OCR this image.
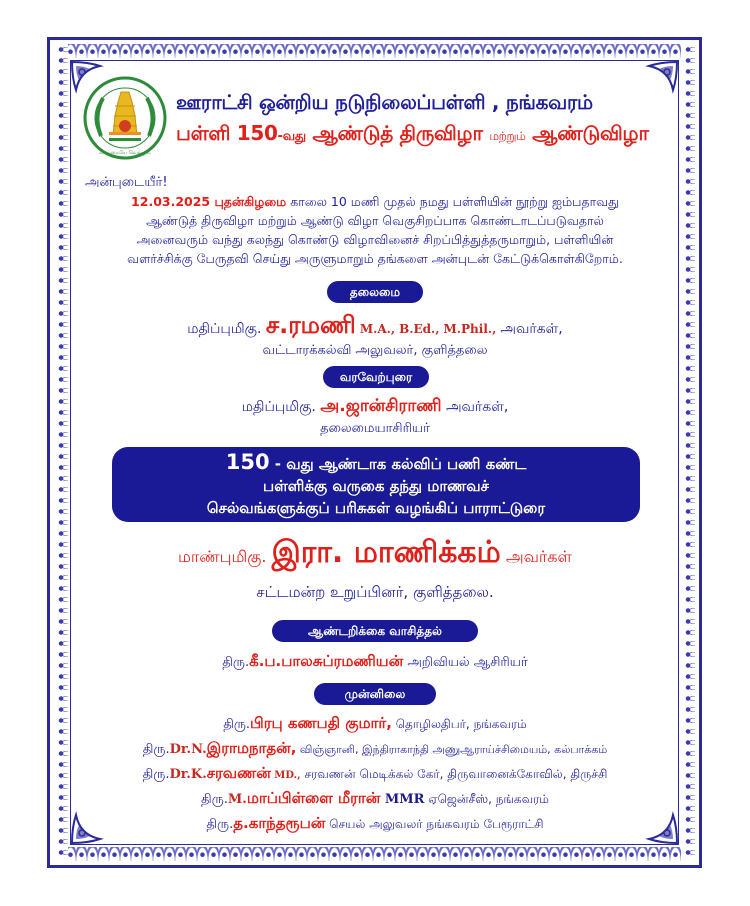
வாய்மையே வெல்லும்
ஊராட்சி ஒன்றிய நடுநிலைப்பள்ளி , நங்கவரம்
பள்ளி 150-வது ஆண்டுத் திருவிழா மற்றும் ஆண்டுவிழா
அன்புடையீர்!
12.03.2025 புதன்கிழமை காலை 10 மணி முதல் நமது பள்ளியின் நூற்று ஐம்பதாவது
ஆண்டுத் திருவிழா மற்றும் ஆண்டு விழா வெகுசிறப்பாக கொண்டாடப்படுவதால்
அனைவரும் வந்து கலந்து கொண்டு விழாவினைச் சிறப்பித்துத்தருமாறும், பள்ளியின்
வளர்ச்சிக்கு பேருதவி செய்து அருளுமாறும் தங்களை அன்புடன் கேட்டுக்கொள்கிறோம்.
தலைமை
மதிப்புமிகு. ச.ரமணி M.A., B.Ed., M.Phil., அவர்கள்,
வட்டாரக்கல்வி அலுவலர், குளித்தலை
வரவேற்புரை
மதிப்புமிகு. அ.ஜான்சிராணி அவர்கள்,
தலைமையாசிரியர்
150 - வது ஆண்டாக கல்விப் பணி கண்ட
பள்ளிக்கு வருகை தந்து மாணவச்
செல்வங்களுக்குப் பரிசுகள் வழங்கிப் பாராட்டுரை
மாண்புமிகு. இரா. மாணிக்கம் அவர்கள்
சட்டமன்ற உறுப்பினர், குளித்தலை.
ஆண்டறிக்கை வாசித்தல்
திரு.கீ.ப.பாலசுப்ரமணியன் அறிவியல் ஆசிரியர்
முன்னிலை
திரு.பிரபு கணபதி குமார், தொழிலதிபர், நங்கவரம்
திரு.Dr.N.இராமநாதன், விஞ்ஞானி, இந்திராகாந்தி அணுஆராய்ச்சிமையம், கல்பாக்கம்
திரு.Dr.K.சரவணன் MD., சரவணன் மெடிக்கல் கேர், திருவானைக்கோவில், திருச்சி
திரு.M.மாப்பிள்ளை மீரான் MMR ஏஜென்சீஸ், நங்கவரம்
திரு.த.காந்தரூபன் செயல் அலுவலர் நங்கவரம் பேரூராட்சி
